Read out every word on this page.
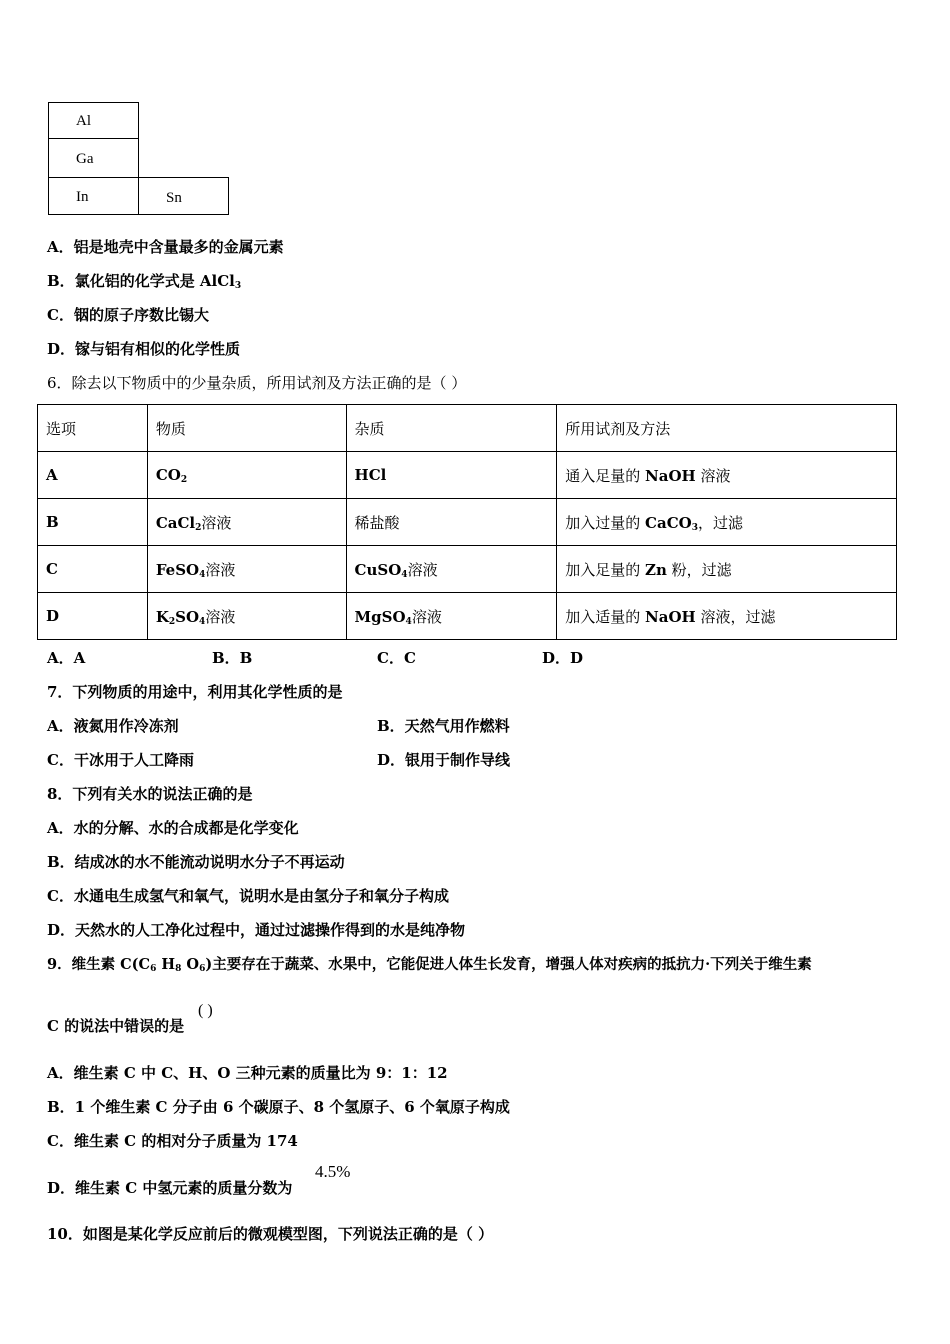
Al
Ga
In	Sn
A．铝是地壳中含量最多的金属元素
B．氯化铝的化学式是 AlCl$_3$
C．铟的原子序数比锡大
D．镓与铝有相似的化学性质
6．除去以下物质中的少量杂质，所用试剂及方法正确的是（ ）
选项	物质	杂质	所用试剂及方法
A	$CO_2$	HCl	通入足量的 NaOH 溶液
B	CaCl$_2$溶液	稀盐酸	加入过量的 CaCO$_3$，过滤
C	FeSO$_4$溶液	CuSO$_4$溶液	加入足量的 Zn 粉，过滤
D	$K_2SO_4$溶液	MgSO$_4$溶液	加入适量的 NaOH 溶液，过滤
A．A	B．B	C．C	D．D
7．下列物质的用途中，利用其化学性质的是
A．液氮用作冷冻剂	B．天然气用作燃料
C．干冰用于人工降雨	D．银用于制作导线
8．下列有关水的说法正确的是
A．水的分解、水的合成都是化学变化
B．结成冰的水不能流动说明水分子不再运动
C．水通电生成氢气和氧气，说明水是由氢分子和氧分子构成
D．天然水的人工净化过程中，通过过滤操作得到的水是纯净物
9．维生素 $C(C_6$ $H_8$ $O_6$)主要存在于蔬菜、水果中，它能促进人体生长发育，增强人体对疾病的抵抗力·下列关于维生素
C 的说法中错误的是
( )
A．维生素 C 中 C、H、O 三种元素的质量比为 9：1：12
B．1 个维生素 C 分子由 6 个碳原子、8 个氢原子、6 个氧原子构成
C．维生素 C 的相对分子质量为 174
D．维生素 C 中氢元素的质量分数为
4.5%
10．如图是某化学反应前后的微观模型图，下列说法正确的是（ ）
